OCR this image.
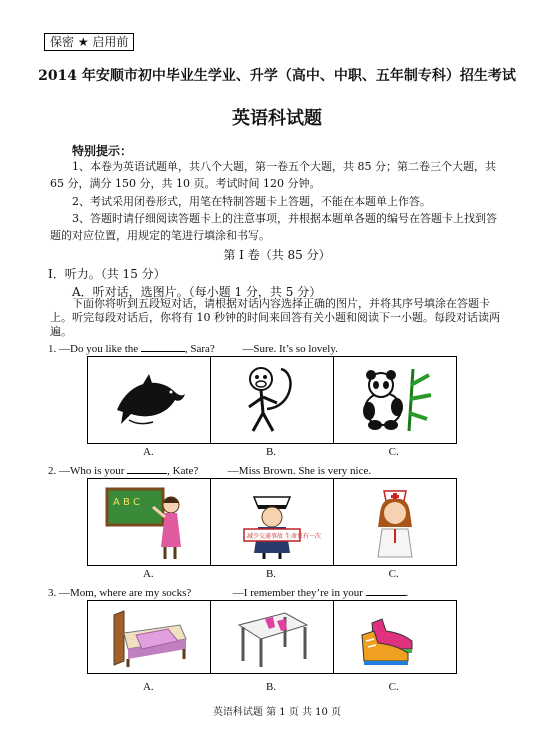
保密 ★ 启用前
2014 年安顺市初中毕业生学业、升学（高中、中职、五年制专科）招生考试
英语科试题
特别提示：
1、本卷为英语试题单，共八个大题，第一卷五个大题，共 85 分；第二卷三个大题，共 65 分，满分 150 分，共 10 页。考试时间 120 分钟。
2、考试采用闭卷形式，用笔在特制答题卡上答题，不能在本题单上作答。
3、答题时请仔细阅读答题卡上的注意事项，并根据本题单各题的编号在答题卡上找到答题的对应位置，用规定的笔进行填涂和书写。
第 I 卷（共 85 分）
I．听力。（共 15 分）
A．听对话，选图片。（每小题 1 分，共 5 分）
下面你将听到五段短对话，请根据对话内容选择正确的图片，并将其序号填涂在答题卡上。听完每段对话后，你将有 10 秒钟的时间来回答有关小题和阅读下一小题。每段对话读两遍。
1. —Do you like the	, Sara?	—Sure. It’s so lovely.
A.	B.	C.
2. —Who is your	, Kate?	—Miss Brown. She is very nice.
A B C
减少交通事故 生命只有一次
A.	B.	C.
3. —Mom, where are my socks?	—I remember they’re in your	.
A.	B.	C.
英语科试题 第 1 页 共 10 页
